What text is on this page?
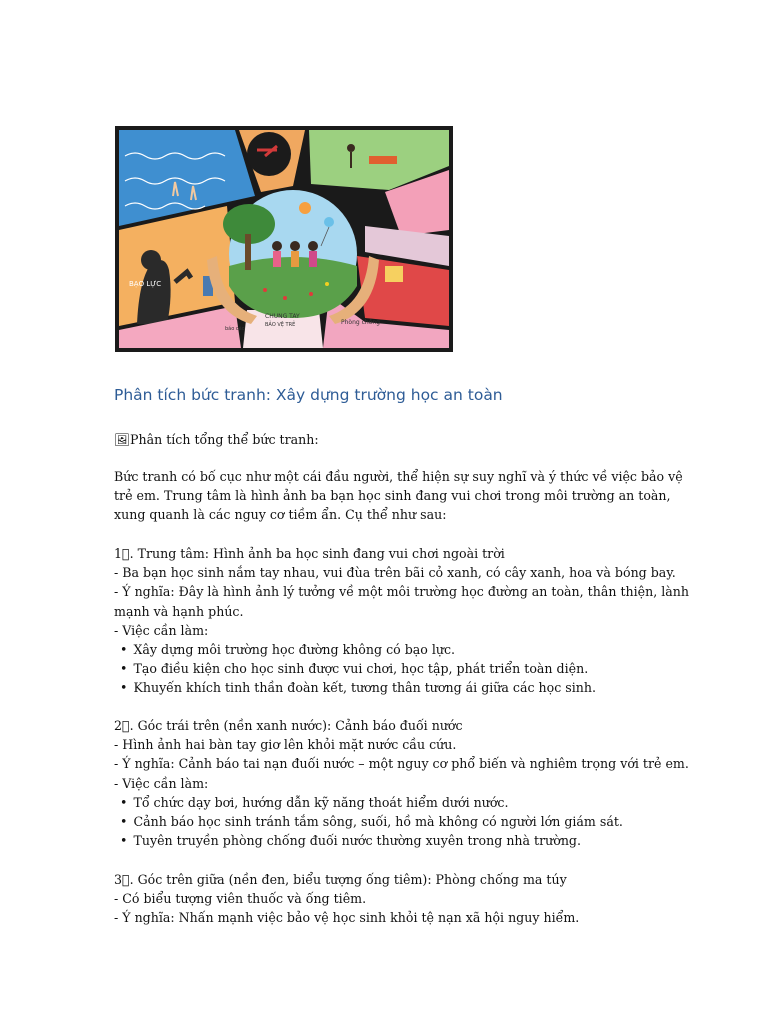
BẠO LỰC
CHUNG TAY
BẢO VỆ TRẺ	Phòng chống
báo cáo
Phân tích bức tranh: Xây dựng trường học an toàn
🖼Phân tích tổng thể bức tranh:
Bức tranh có bố cục như một cái đầu người, thể hiện sự suy nghĩ và ý thức về việc bảo vệ
trẻ em. Trung tâm là hình ảnh ba bạn học sinh đang vui chơi trong môi trường an toàn,
xung quanh là các nguy cơ tiềm ẩn. Cụ thể như sau:
1⃣. Trung tâm: Hình ảnh ba học sinh đang vui chơi ngoài trời
- Ba bạn học sinh nắm tay nhau, vui đùa trên bãi cỏ xanh, có cây xanh, hoa và bóng bay.
- Ý nghĩa: Đây là hình ảnh lý tưởng về một môi trường học đường an toàn, thân thiện, lành
mạnh và hạnh phúc.
- Việc cần làm:
• Xây dựng môi trường học đường không có bạo lực.
• Tạo điều kiện cho học sinh được vui chơi, học tập, phát triển toàn diện.
• Khuyến khích tinh thần đoàn kết, tương thân tương ái giữa các học sinh.
2⃣. Góc trái trên (nền xanh nước): Cảnh báo đuối nước
- Hình ảnh hai bàn tay giơ lên khỏi mặt nước cầu cứu.
- Ý nghĩa: Cảnh báo tai nạn đuối nước – một nguy cơ phổ biến và nghiêm trọng với trẻ em.
- Việc cần làm:
• Tổ chức dạy bơi, hướng dẫn kỹ năng thoát hiểm dưới nước.
• Cảnh báo học sinh tránh tắm sông, suối, hồ mà không có người lớn giám sát.
• Tuyên truyền phòng chống đuối nước thường xuyên trong nhà trường.
3⃣. Góc trên giữa (nền đen, biểu tượng ống tiêm): Phòng chống ma túy
- Có biểu tượng viên thuốc và ống tiêm.
- Ý nghĩa: Nhấn mạnh việc bảo vệ học sinh khỏi tệ nạn xã hội nguy hiểm.
